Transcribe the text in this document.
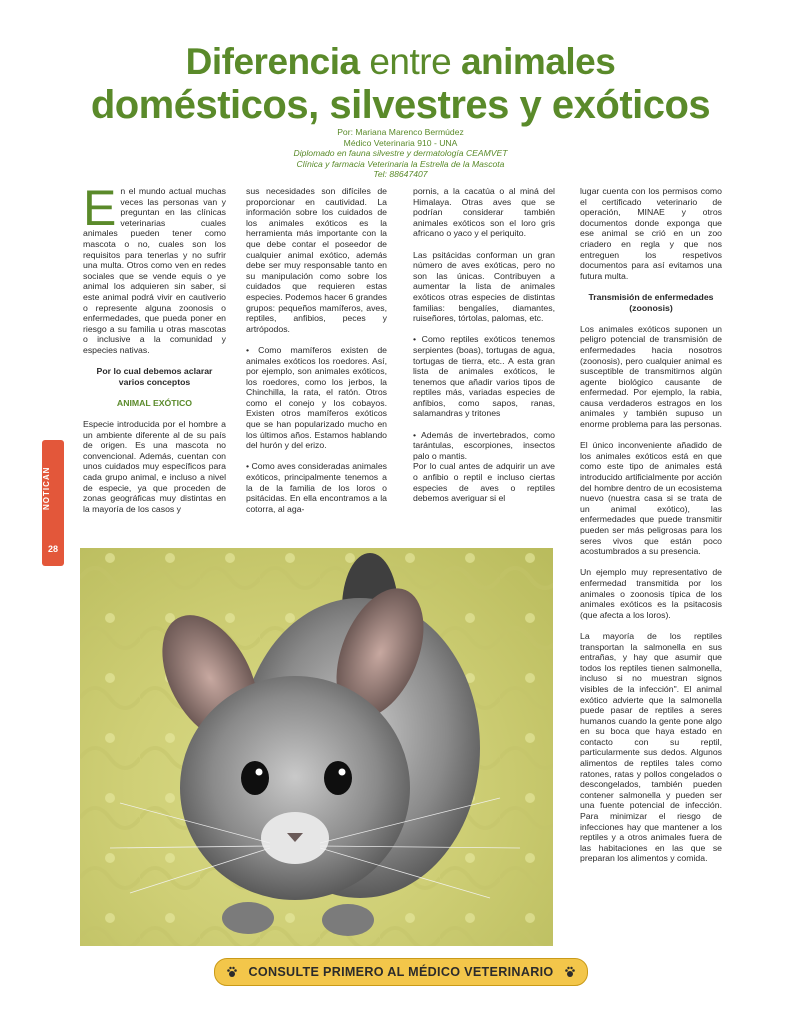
Diferencia entre animales
domésticos, silvestres y exóticos
Por: Mariana Marenco Bermúdez
Médico Veterinaria 910 - UNA
Diplomado en fauna silvestre y dermatología CEAMVET
Clínica y farmacia Veterinaria la Estrella de la Mascota
Tel: 88647407

En el mundo actual muchas veces las personas van y preguntan en las clínicas veterinarias cuales animales pueden tener como mascota o no, cuales son los requisitos para tenerlas y no sufrir una multa. Otros como ven en redes sociales que se vende equis o ye animal los adquieren sin saber, si este animal podrá vivir en cautiverio o represente alguna zoonosis o enfermedades, que pueda poner en riesgo a su familia u otras mascotas o inclusive a la comunidad y especies nativas.

Por lo cual debemos aclarar varios conceptos

ANIMAL EXÓTICO

Especie introducida por el hombre a un ambiente diferente al de su país de origen. Es una mascota no convencional. Además, cuentan con unos cuidados muy específicos para cada grupo animal, e incluso a nivel de especie, ya que proceden de zonas geográficas muy distintas en la mayoría de los casos y

sus necesidades son difíciles de proporcionar en cautividad. La información sobre los cuidados de los animales exóticos es la herramienta más importante con la que debe contar el poseedor de cualquier animal exótico, además debe ser muy responsable tanto en su manipulación como sobre los cuidados que requieren estas especies. Podemos hacer 6 grandes grupos: pequeños mamíferos, aves, reptiles, anfibios, peces y artrópodos.

• Como mamíferos existen de animales exóticos los roedores. Así, por ejemplo, son animales exóticos, los roedores, como los jerbos, la Chinchilla, la rata, el ratón. Otros como el conejo y los cobayos. Existen otros mamíferos exóticos que se han popularizado mucho en los últimos años. Estamos hablando del hurón y del erizo.

• Como aves consideradas animales exóticos, principalmente tenemos a la de la familia de los loros o psitácidas. En ella encontramos a la cotorra, al aga-

pornis, a la cacatúa o al miná del Himalaya. Otras aves que se podrían considerar también animales exóticos son el loro gris africano o yaco y el periquito.

Las psitácidas conforman un gran número de aves exóticas, pero no son las únicas. Contribuyen a aumentar la lista de animales exóticos otras especies de distintas familias: bengalíes, diamantes, ruiseñores, tórtolas, palomas, etc.

• Como reptiles exóticos tenemos serpientes (boas), tortugas de agua, tortugas de tierra, etc.. A esta gran lista de animales exóticos, le tenemos que añadir varios tipos de reptiles más, variadas especies de anfibios, como sapos, ranas, salamandras y tritones

• Además de invertebrados, como tarántulas, escorpiones, insectos palo o mantis.

Por lo cual antes de adquirir un ave o anfibio o reptil e incluso ciertas especies de aves o reptiles debemos averiguar si el

lugar cuenta con los permisos como el certificado veterinario de operación, MINAE y otros documentos donde exponga que ese animal se crió en un zoo criadero en regla y que nos entreguen los respetivos documentos para así evitamos una futura multa.

Transmisión de enfermedades (zoonosis)

Los animales exóticos suponen un peligro potencial de transmisión de enfermedades hacia nosotros (zoonosis), pero cualquier animal es susceptible de transmitirnos algún agente biológico causante de enfermedad. Por ejemplo, la rabia, causa verdaderos estragos en los animales y también supuso un enorme problema para las personas.

El único inconveniente añadido de los animales exóticos está en que como este tipo de animales está introducido artificialmente por acción del hombre dentro de un ecosistema nuevo (nuestra casa si se trata de un animal exótico), las enfermedades que puede transmitir pueden ser más peligrosas para los seres vivos que están poco acostumbrados a su presencia.

Un ejemplo muy representativo de enfermedad transmitida por los animales o zoonosis típica de los animales exóticos es la psitacosis (que afecta a los loros).

La mayoría de los reptiles transportan la salmonella en sus entrañas, y hay que asumir que todos los reptiles tienen salmonella, incluso si no muestran signos visibles de la infección". El animal exótico advierte que la salmonella puede pasar de reptiles a seres humanos cuando la gente pone algo en su boca que haya estado en contacto con su reptil, particularmente sus dedos. Algunos alimentos de reptiles tales como ratones, ratas y pollos congelados o descongelados, también pueden contener salmonella y pueden ser una fuente potencial de infección. Para minimizar el riesgo de infecciones hay que mantener a los reptiles y a otros animales fuera de las habitaciones en las que se preparan los alimentos y comida.

NOTICAN
28
CONSULTE PRIMERO AL MÉDICO VETERINARIO
